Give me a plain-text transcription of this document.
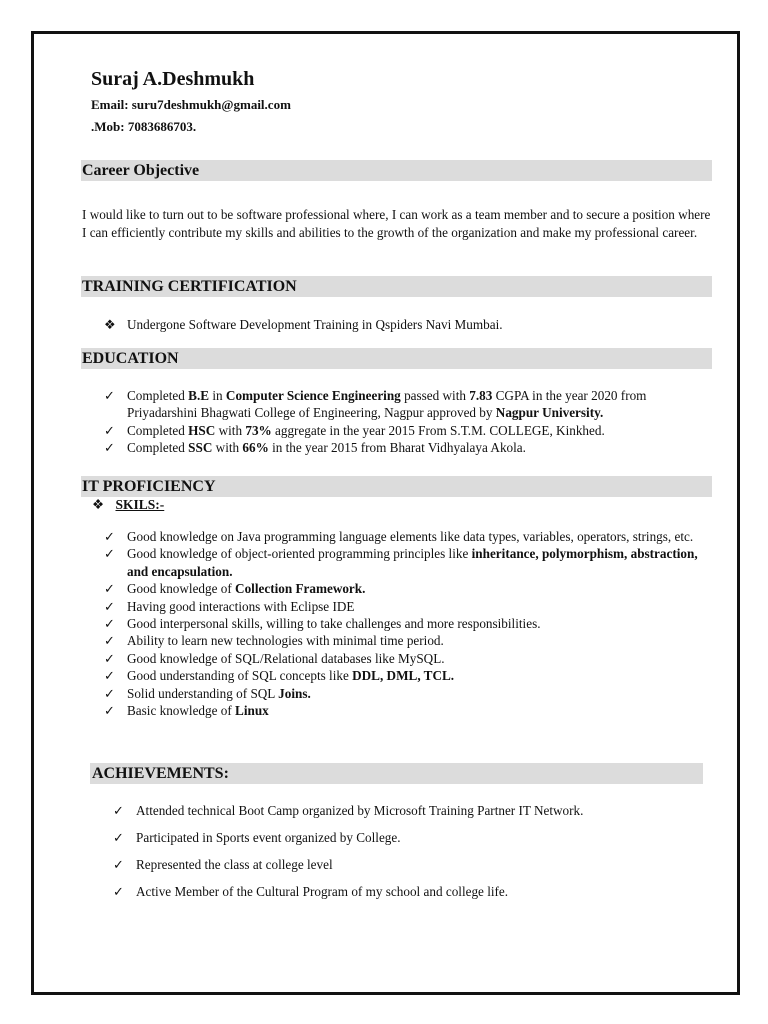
Suraj A.Deshmukh
Email: suru7deshmukh@gmail.com
.Mob: 7083686703.
Career Objective
I would like to turn out to be software professional where, I can work as a team member and to secure a position where I can efficiently contribute my skills and abilities to the growth of the organization and make my professional career.
TRAINING CERTIFICATION
❖ Undergone Software Development Training in Qspiders Navi Mumbai.
EDUCATION
✓ Completed B.E in Computer Science Engineering passed with 7.83 CGPA in the year 2020 from Priyadarshini Bhagwati College of Engineering, Nagpur approved by Nagpur University.
✓ Completed HSC with 73% aggregate in the year 2015 From S.T.M. COLLEGE, Kinkhed.
✓ Completed SSC with 66% in the year 2015 from Bharat Vidhyalaya Akola.
IT PROFICIENCY
❖ SKILS:-
✓ Good knowledge on Java programming language elements like data types, variables, operators, strings, etc.
✓ Good knowledge of object-oriented programming principles like inheritance, polymorphism, abstraction, and encapsulation.
✓ Good knowledge of Collection Framework.
✓ Having good interactions with Eclipse IDE
✓ Good interpersonal skills, willing to take challenges and more responsibilities.
✓ Ability to learn new technologies with minimal time period.
✓ Good knowledge of SQL/Relational databases like MySQL.
✓ Good understanding of SQL concepts like DDL, DML, TCL.
✓ Solid understanding of SQL Joins.
✓ Basic knowledge of Linux
ACHIEVEMENTS:
✓ Attended technical Boot Camp organized by Microsoft Training Partner IT Network.
✓ Participated in Sports event organized by College.
✓ Represented the class at college level
✓ Active Member of the Cultural Program of my school and college life.
